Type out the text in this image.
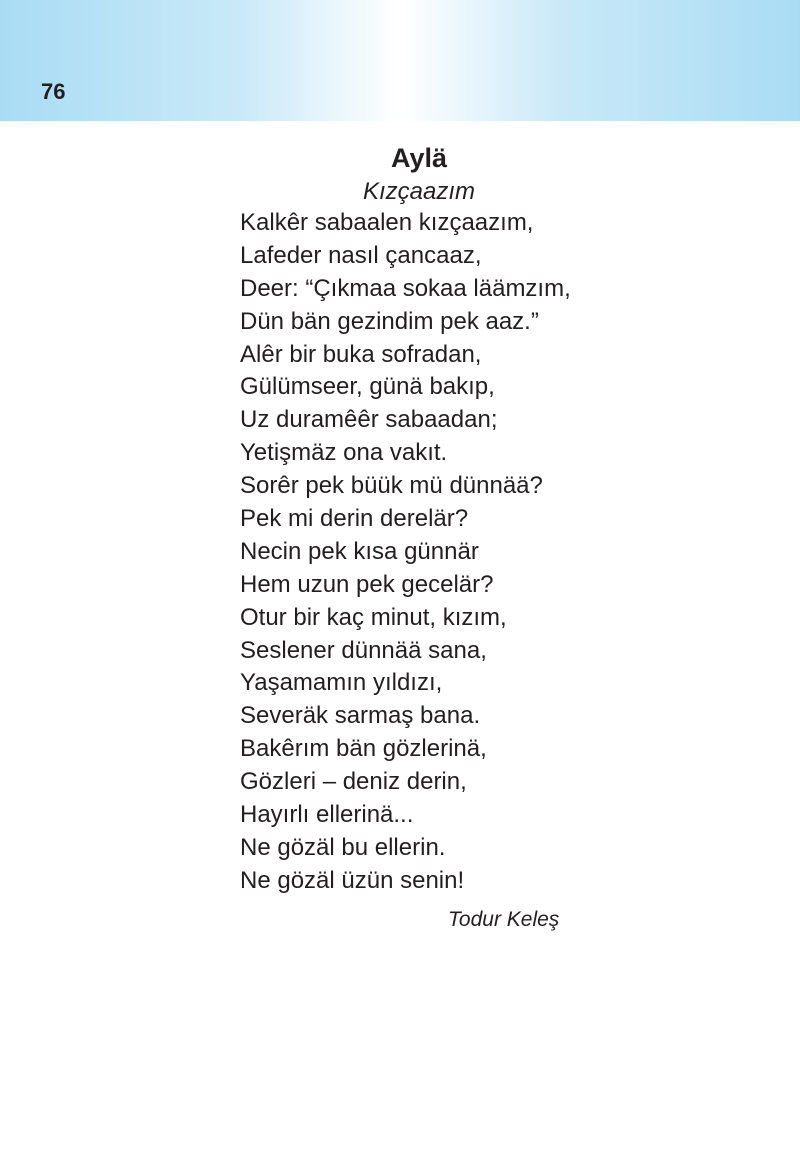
76
Aylä
Kızçaazım
Kalkêr sabaalen kızçaazım,
Lafeder nasıl çancaaz,
Deer: “Çıkmaa sokaa läämzım,
Dün bän gezindim pek aaz.”
Alêr bir buka sofradan,
Gülümseer, günä bakıp,
Uz duramêêr sabaadan;
Yetişmäz ona vakıt.
Sorêr pek büük mü dünnää?
Pek mi derin derelär?
Necin pek kısa günnär
Hem uzun pek gecelär?
Otur bir kaç minut, kızım,
Seslener dünnää sana,
Yaşamamın yıldızı,
Severäk sarmaş bana.
Bakêrım bän gözlerinä,
Gözleri – deniz derin,
Hayırlı ellerinä...
Ne gözäl bu ellerin.
Ne gözäl üzün senin!
Todur Keleş
